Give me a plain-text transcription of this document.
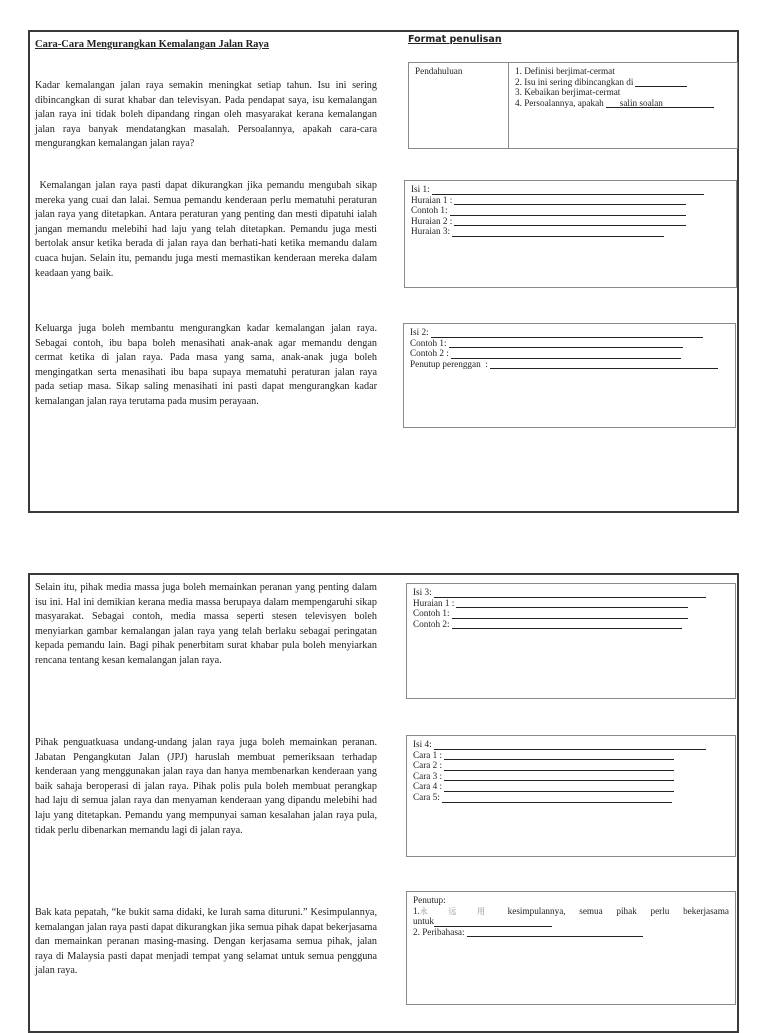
Cara-Cara Mengurangkan Kemalangan Jalan Raya	Format penulisan

Kadar kemalangan jalan raya semakin meningkat setiap tahun. Isu ini sering dibincangkan di surat khabar dan televisyan. Pada pendapat saya, isu kemalangan jalan raya ini tidak boleh dipandang ringan oleh masyarakat kerana kemalangan jalan raya banyak mendatangkan masalah. Persoalannya, apakah cara-cara mengurangkan kemalangan jalan raya?

Kemalangan jalan raya pasti dapat dikurangkan jika pemandu mengubah sikap mereka yang cuai dan lalai. Semua pemandu kenderaan perlu mematuhi peraturan jalan raya yang ditetapkan. Antara peraturan yang penting dan mesti dipatuhi ialah jangan memandu melebihi had laju yang telah ditetapkan. Pemandu juga mesti bertolak ansur ketika berada di jalan raya dan berhati-hati ketika memandu dalam cuaca hujan. Selain itu, pemandu juga mesti memastikan kenderaan mereka dalam keadaan yang baik.

Keluarga juga boleh membantu mengurangkan kadar kemalangan jalan raya. Sebagai contoh, ibu bapa boleh menasihati anak-anak agar memandu dengan cermat ketika di jalan raya. Pada masa yang sama, anak-anak juga boleh mengingatkan serta menasihati ibu bapa supaya mematuhi peraturan jalan raya pada setiap masa. Sikap saling menasihati ini pasti dapat mengurangkan kadar kemalangan jalan raya terutama pada musim perayaan.

Pendahuluan	1. Definisi berjimat-cermat
2. Isu ini sering dibincangkan di
3. Kebaikan berjimat-cermat
4. Persoalannya, apakah salin soalan
Isi 1:
Huraian 1 :
Contoh 1:
Huraian 2 :
Huraian 3:
Isi 2:
Contoh 1:
Contoh 2 :
Penutup perenggan  :

Selain itu, pihak media massa juga boleh memainkan peranan yang penting dalam isu ini. Hal ini demikian kerana media massa berupaya dalam mempengaruhi sikap masyarakat. Sebagai contoh, media massa seperti stesen televisyen boleh menyiarkan gambar kemalangan jalan raya yang telah berlaku sebagai peringatan kepada pemandu lain. Bagi pihak penerbitam surat khabar pula boleh menyiarkan rencana tentang kesan kemalangan jalan raya.

Pihak penguatkuasa undang-undang jalan raya juga boleh memainkan peranan. Jabatan Pengangkutan Jalan (JPJ) haruslah membuat pemeriksaan terhadap kenderaan yang menggunakan jalan raya dan hanya membenarkan kenderaan yang baik sahaja beroperasi di jalan raya. Pihak polis pula boleh membuat perangkap had laju di semua jalan raya dan menyaman kenderaan yang dipandu melebihi had laju yang ditetapkan. Pemandu yang mempunyai saman kesalahan jalan raya pula, tidak perlu dibenarkan memandu lagi di jalan raya.

Bak kata pepatah, “ke bukit sama didaki, ke lurah sama dituruni.” Kesimpulannya, kemalangan jalan raya pasti dapat dikurangkan jika semua pihak dapat bekerjasama dan memainkan peranan masing-masing. Dengan kerjasama semua pihak, jalan raya di Malaysia pasti dapat menjadi tempat yang selamat untuk semua pengguna jalan raya.

Isi 3:
Huraian 1 :
Contoh 1:
Contoh 2:
Isi 4:
Cara 1 :
Cara 2 :
Cara 3 :
Cara 4 :
Cara 5:
Penutup:
1.永 远 用 kesimpulannya, semua pihak perlu bekerjasama
untuk
2. Peribahasa:
